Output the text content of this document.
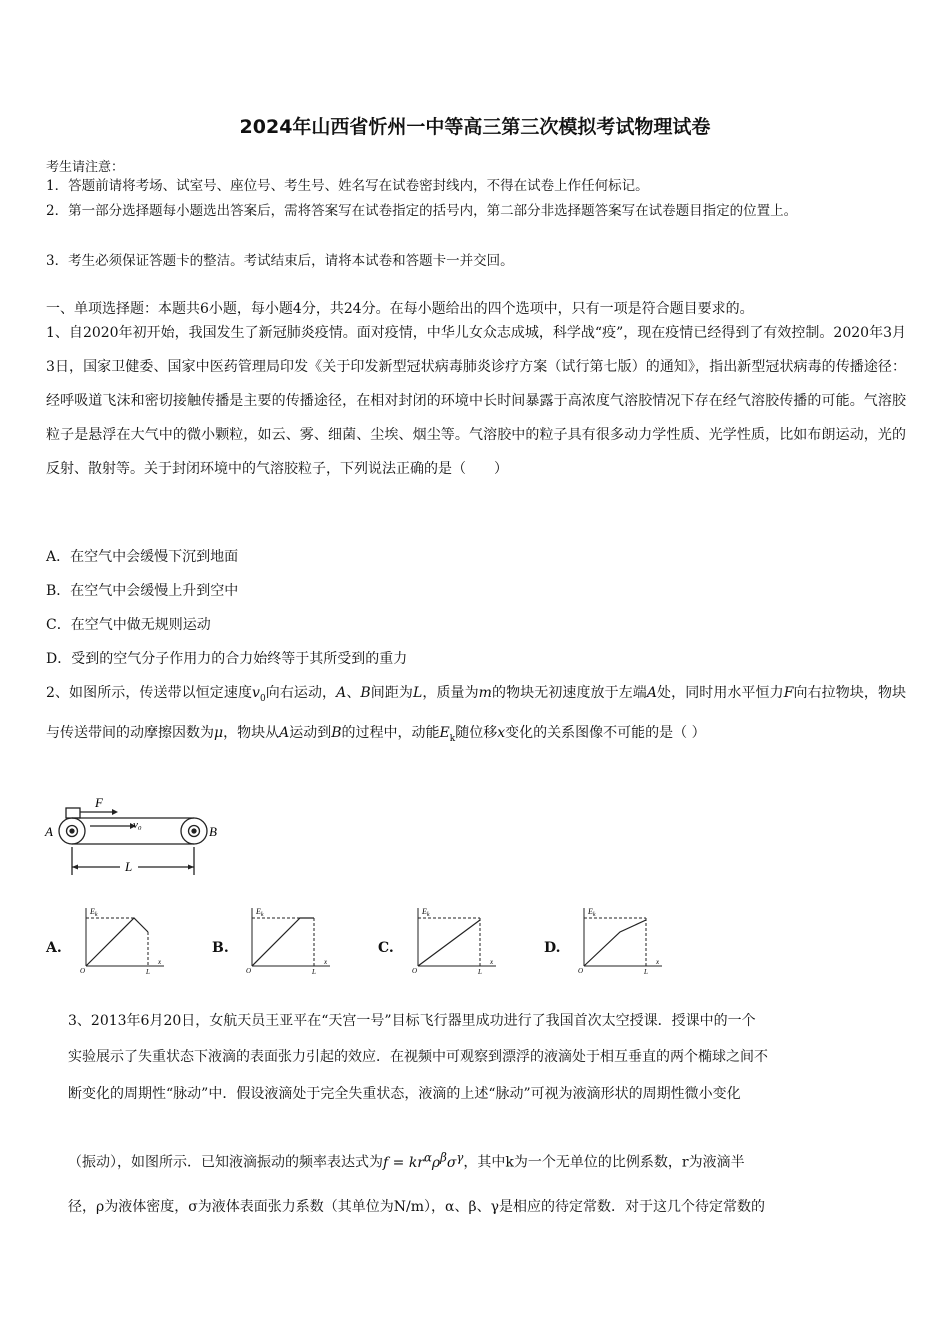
2024年山西省忻州一中等高三第三次模拟考试物理试卷
考生请注意：
1．答题前请将考场、试室号、座位号、考生号、姓名写在试卷密封线内，不得在试卷上作任何标记。
2．第一部分选择题每小题选出答案后，需将答案写在试卷指定的括号内，第二部分非选择题答案写在试卷题目指定的位置上。
3．考生必须保证答题卡的整洁。考试结束后，请将本试卷和答题卡一并交回。
一、单项选择题：本题共6小题，每小题4分，共24分。在每小题给出的四个选项中，只有一项是符合题目要求的。
1、自2020年初开始，我国发生了新冠肺炎疫情。面对疫情，中华儿女众志成城，科学战“疫”，现在疫情已经得到了有效控制。2020年3月3日，国家卫健委、国家中医药管理局印发《关于印发新型冠状病毒肺炎诊疗方案（试行第七版）的通知》，指出新型冠状病毒的传播途径：经呼吸道飞沫和密切接触传播是主要的传播途径，在相对封闭的环境中长时间暴露于高浓度气溶胶情况下存在经气溶胶传播的可能。气溶胶粒子是悬浮在大气中的微小颗粒，如云、雾、细菌、尘埃、烟尘等。气溶胶中的粒子具有很多动力学性质、光学性质，比如布朗运动，光的反射、散射等。关于封闭环境中的气溶胶粒子，下列说法正确的是（　　）
A．在空气中会缓慢下沉到地面
B．在空气中会缓慢上升到空中
C．在空气中做无规则运动
D．受到的空气分子作用力的合力始终等于其所受到的重力
2、如图所示，传送带以恒定速度$v_0$向右运动，A、B间距为L，质量为m的物块无初速度放于左端A处，同时用水平恒力F向右拉物块，物块与传送带间的动摩擦因数为μ，物块从A运动到B的过程中，动能$E_k$随位移x变化的关系图像不可能的是（ ）
F
v₀
A	B
L
A.
$E_k$
O	L
x
B.
$E_k$
O	L
x
C.
$E_k$
O	L
x
D.
$E_k$
O	L
x
3、2013年6月20日，女航天员王亚平在“天宫一号”目标飞行器里成功进行了我国首次太空授课．授课中的一个
实验展示了失重状态下液滴的表面张力引起的效应．在视频中可观察到漂浮的液滴处于相互垂直的两个椭球之间不
断变化的周期性“脉动”中．假设液滴处于完全失重状态，液滴的上述“脉动”可视为液滴形状的周期性微小变化
（振动），如图所示．已知液滴振动的频率表达式为$f = kr^\alpha\rho^\beta\sigma^\gamma$，其中k为一个无单位的比例系数，r为液滴半
径，ρ为液体密度，σ为液体表面张力系数（其单位为N/m），α、β、γ是相应的待定常数．对于这几个待定常数的
